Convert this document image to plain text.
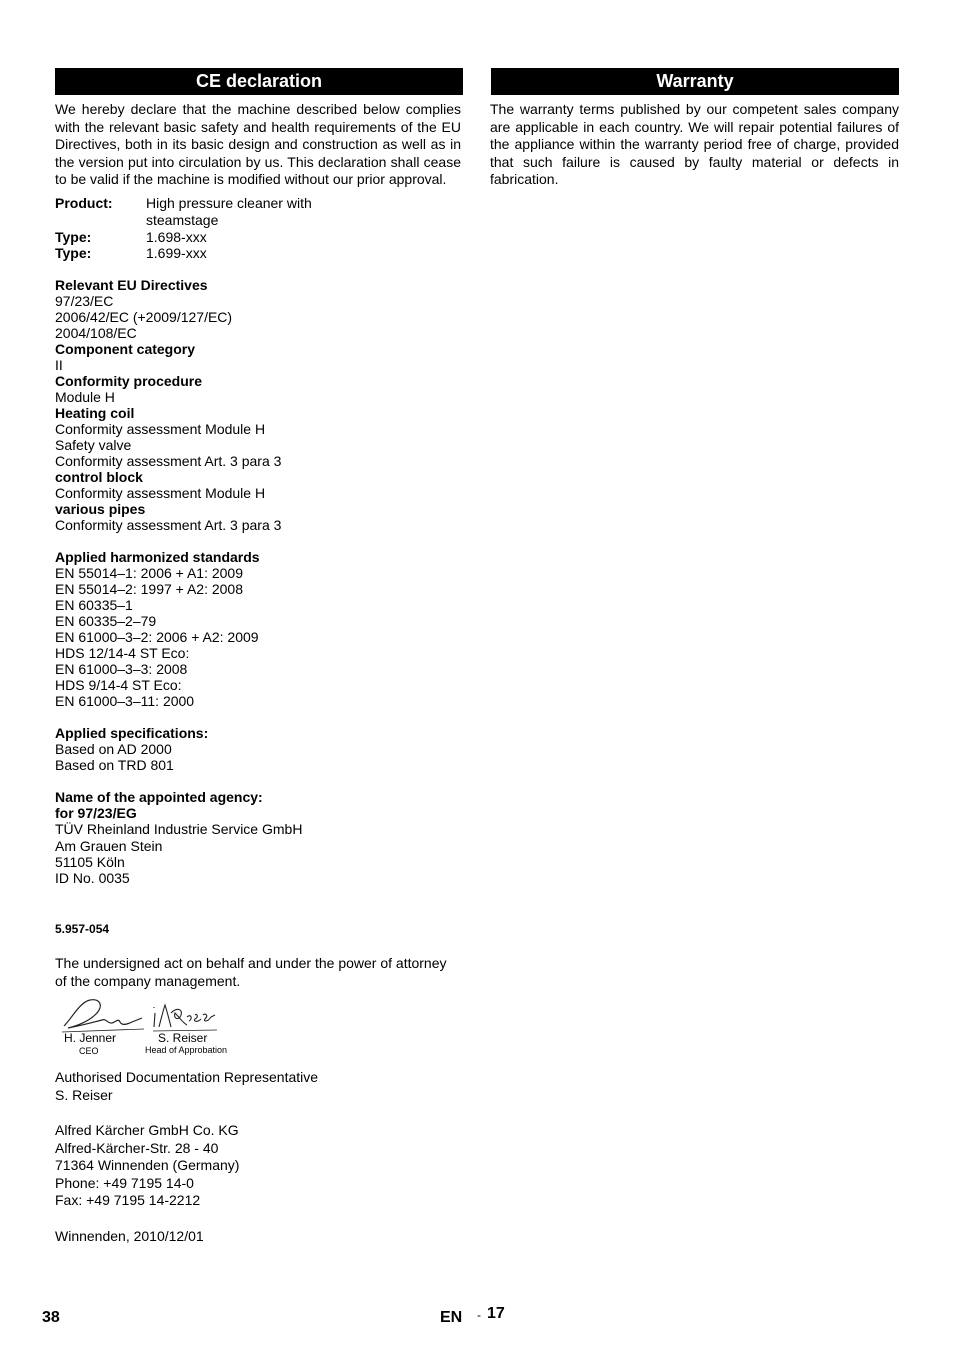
CE declaration

We hereby declare that the machine described below complies with the relevant basic safety and health requirements of the EU Directives, both in its basic design and construction as well as in the version put into circulation by us. This declaration shall cease to be valid if the machine is modified without our prior approval.

Product: High pressure cleaner with steamstage
Type:	1.698-xxx
Type:	1.699-xxx
Relevant EU Directives
97/23/EC
2006/42/EC (+2009/127/EC)
2004/108/EC
Component category
II
Conformity procedure
Module H
Heating coil
Conformity assessment Module H
Safety valve
Conformity assessment Art. 3 para 3
control block
Conformity assessment Module H
various pipes
Conformity assessment Art. 3 para 3
Applied harmonized standards
EN 55014–1: 2006 + A1: 2009
EN 55014–2: 1997 + A2: 2008
EN 60335–1
EN 60335–2–79
EN 61000–3–2: 2006 + A2: 2009
HDS 12/14-4 ST Eco:
EN 61000–3–3: 2008
HDS 9/14-4 ST Eco:
EN 61000–3–11: 2000
Applied specifications:
Based on AD 2000
Based on TRD 801
Name of the appointed agency:
for 97/23/EG
TÜV Rheinland Industrie Service GmbH
Am Grauen Stein
51105 Köln
ID No. 0035
5.957-054

The undersigned act on behalf and under the power of attorney of the company management.

H. Jenner
CEO
S. Reiser
Head of Approbation
Authorised Documentation Representative
S. Reiser
Alfred Kärcher GmbH Co. KG
Alfred-Kärcher-Str. 28 - 40
71364 Winnenden (Germany)
Phone: +49 7195 14-0
Fax: +49 7195 14-2212
Winnenden, 2010/12/01
Warranty

The warranty terms published by our competent sales company are applicable in each country. We will repair potential failures of the appliance within the warranty period free of charge, provided that such failure is caused by faulty material or defects in fabrication.

38	EN - 17
